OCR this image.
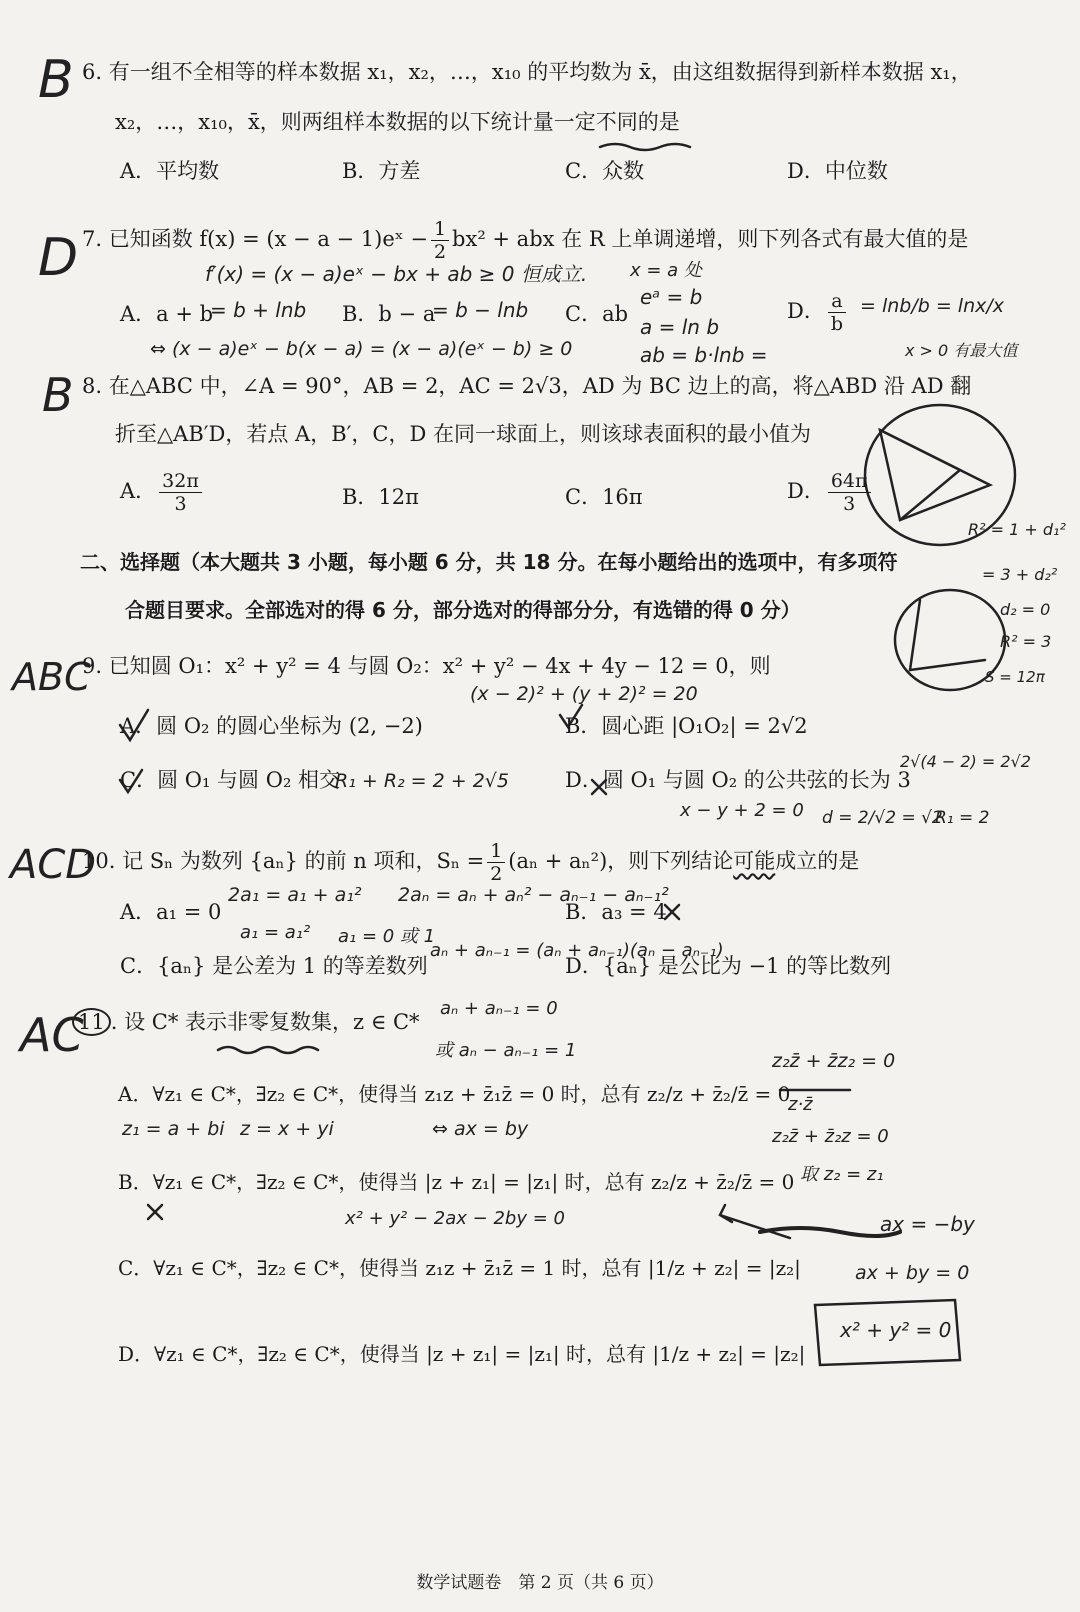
B
D
B
ABC
ACD
AC
6. 有一组不全相等的样本数据 x₁，x₂，…，x₁₀ 的平均数为 x̄，由这组数据得到新样本数据 x₁，
x₂，…，x₁₀，x̄，则两组样本数据的以下统计量一定不同的是
A．平均数	B．方差	C．众数	D．中位数
7. 已知函数 f(x) = (x − a − 1)eˣ − $\frac{1}{2} bx^2$ + abx 在 R 上单调递增，则下列各式有最大值的是
f′(x) = (x − a)eˣ − bx + ab ≥ 0 恒成立. x = a 处
A．a + b
= b + lnb B．b − a
= b − lnb C．ab
eᵃ = b
a = ln b
ab = b·lnb =
D． $\frac{a}{b} = \ln b/b = \ln x/x$
x > 0 有最大值
⇔ (x − a)eˣ − b(x − a) = (x − a)(eˣ − b) ≥ 0
8. 在△ABC 中，∠A = 90°，AB = 2，AC = 2√3，AD 为 BC 边上的高，将△ABD 沿 AD 翻
折至△AB′D，若点 A，B′，C，D 在同一球面上，则该球表面积的最小值为
A． $\frac{32\pi}{3}$	B．12π	C．16π	D． $\frac{64\pi}{3}$
R² = 1 + d₁²
= 3 + d₂²
d₂ = 0
R² = 3
S = 12π
二、选择题（本大题共 3 小题，每小题 6 分，共 18 分。在每小题给出的选项中，有多项符
合题目要求。全部选对的得 6 分，部分选对的得部分分，有选错的得 0 分）
9. 已知圆 O₁：x² + y² = 4 与圆 O₂：x² + y² − 4x + 4y − 12 = 0，则
(x − 2)² + (y + 2)² = 20
A．圆 O₂ 的圆心坐标为 (2, −2)	B．圆心距 |O₁O₂| = 2√2
C．圆 O₁ 与圆 O₂ 相交
R₁ + R₂ = 2 + 2√5	D．圆 O₁ 与圆 O₂ 的公共弦的长为 3
2√(4 − 2) = 2√2
x − y + 2 = 0 d = 2/√2 = √2
R₁ = 2
10. 记 Sₙ 为数列 {aₙ} 的前 n 项和，$S_n = \frac{1}{2} (a_n + a_n^2)$，则下列结论可能成立的是
A．a₁ = 0
2a₁ = a₁ + a₁² 2aₙ = aₙ + aₙ² − aₙ₋₁ − aₙ₋₁²
B．a₃ = 4
a₁ = a₁² a₁ = 0 或 1
C．{aₙ} 是公差为 1 的等差数列
aₙ + aₙ₋₁ = (aₙ + aₙ₋₁)(aₙ − aₙ₋₁)
D．{aₙ} 是公比为 −1 的等比数列
aₙ + aₙ₋₁ = 0
或 aₙ − aₙ₋₁ = 1
11 . 设 C* 表示非零复数集，z ∈ C*
z₂z̄ + z̄z₂ = 0
z·z̄
A．∀z₁ ∈ C*，∃z₂ ∈ C*，使得当 z₁z + z̄₁z̄ = 0 时，总有 z₂/z + z̄₂/z̄ = 0
z₁ = a + bi z = x + yi	⇔ ax = by	z₂z̄ + z̄₂z = 0
取 z₂ = z₁
B．∀z₁ ∈ C*，∃z₂ ∈ C*，使得当 |z + z₁| = |z₁| 时，总有 z₂/z + z̄₂/z̄ = 0
x² + y² − 2ax − 2by = 0	ax = −by
C．∀z₁ ∈ C*，∃z₂ ∈ C*，使得当 z₁z + z̄₁z̄ = 1 时，总有 |1/z + z₂| = |z₂|	ax + by = 0
x² + y² = 0
D．∀z₁ ∈ C*，∃z₂ ∈ C*，使得当 |z + z₁| = |z₁| 时，总有 |1/z + z₂| = |z₂|
数学试题卷　第 2 页（共 6 页）
